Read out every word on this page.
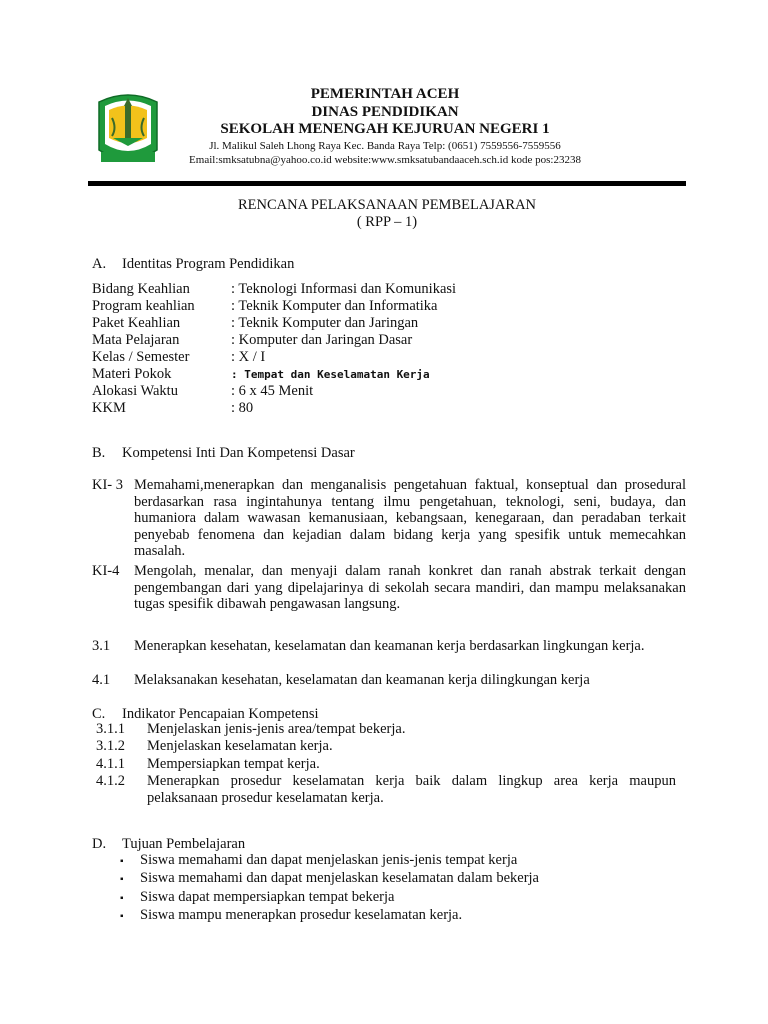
PEMERINTAH ACEH
DINAS PENDIDIKAN
SEKOLAH MENENGAH KEJURUAN NEGERI 1
Jl. Malikul Saleh Lhong Raya Kec. Banda Raya Telp: (0651) 7559556-7559556
Email:smksatubna@yahoo.co.id website:www.smksatubandaaceh.sch.id kode pos:23238
RENCANA PELAKSANAAN PEMBELAJARAN
( RPP – 1)
A. Identitas Program Pendidikan
Bidang Keahlian	: Teknologi Informasi dan Komunikasi
Program keahlian	: Teknik Komputer dan Informatika
Paket Keahlian	: Teknik Komputer dan Jaringan
Mata Pelajaran	: Komputer dan Jaringan Dasar
Kelas / Semester	: X / I
Materi Pokok	: Tempat dan Keselamatan Kerja
Alokasi Waktu	: 6 x 45 Menit
KKM	: 80
B. Kompetensi Inti Dan Kompetensi Dasar
KI- 3 Memahami,menerapkan dan menganalisis pengetahuan faktual, konseptual dan prosedural berdasarkan rasa ingintahunya tentang ilmu pengetahuan, teknologi, seni, budaya, dan humaniora dalam wawasan kemanusiaan, kebangsaan, kenegaraan, dan peradaban terkait penyebab fenomena dan kejadian dalam bidang kerja yang spesifik untuk memecahkan masalah.
KI-4	Mengolah, menalar, dan menyaji dalam ranah konkret dan ranah abstrak terkait dengan pengembangan dari yang dipelajarinya di sekolah secara mandiri, dan mampu melaksanakan tugas spesifik dibawah pengawasan langsung.
3.1	Menerapkan kesehatan, keselamatan dan keamanan kerja berdasarkan lingkungan kerja.
4.1	Melaksanakan kesehatan, keselamatan dan keamanan kerja dilingkungan kerja
C. Indikator Pencapaian Kompetensi
3.1.1	Menjelaskan jenis-jenis area/tempat bekerja.
3.1.2	Menjelaskan keselamatan kerja.
4.1.1	Mempersiapkan tempat kerja.
4.1.2	Menerapkan prosedur keselamatan kerja baik dalam lingkup area kerja maupun pelaksanaan prosedur keselamatan kerja.
D. Tujuan Pembelajaran
▪ Siswa memahami dan dapat menjelaskan jenis-jenis tempat kerja
▪ Siswa memahami dan dapat menjelaskan keselamatan dalam bekerja
▪ Siswa dapat mempersiapkan tempat bekerja
▪ Siswa mampu menerapkan prosedur keselamatan kerja.
